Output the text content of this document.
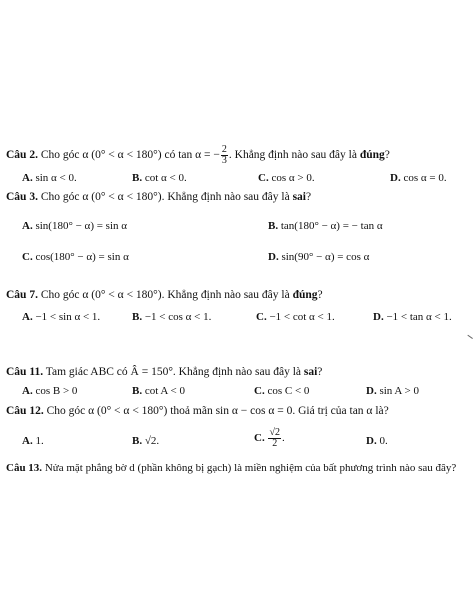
Câu 2. Cho góc α (0° < α < 180°) có tan α = − $\frac{2}{3}$ . Khẳng định nào sau đây là đúng?
A. sin α < 0.	B. cot α < 0.	C. cos α > 0.	D. cos α = 0.
Câu 3. Cho góc α (0° < α < 180°). Khẳng định nào sau đây là sai?
A. sin(180° − α) = sin α	B. tan(180° − α) = − tan α
C. cos(180° − α) = sin α	D. sin(90° − α) = cos α
Câu 7. Cho góc α (0° < α < 180°). Khẳng định nào sau đây là đúng?
A. −1 < sin α < 1.	B. −1 < cos α < 1.	C. −1 < cot α < 1.	D. −1 < tan α < 1.
Câu 11. Tam giác ABC có Â = 150°. Khẳng định nào sau đây là sai?
A. cos B > 0	B. cot A < 0	C. cos C < 0	D. sin A > 0
Câu 12. Cho góc α (0° < α < 180°) thoả mãn sin α − cos α = 0. Giá trị của tan α là?
A. 1.	B. √2.	C. $\frac{√2}{2}$ .	D. 0.
Câu 13. Nửa mặt phẳng bờ d (phần không bị gạch) là miền nghiệm của bất phương trình nào sau đây?
